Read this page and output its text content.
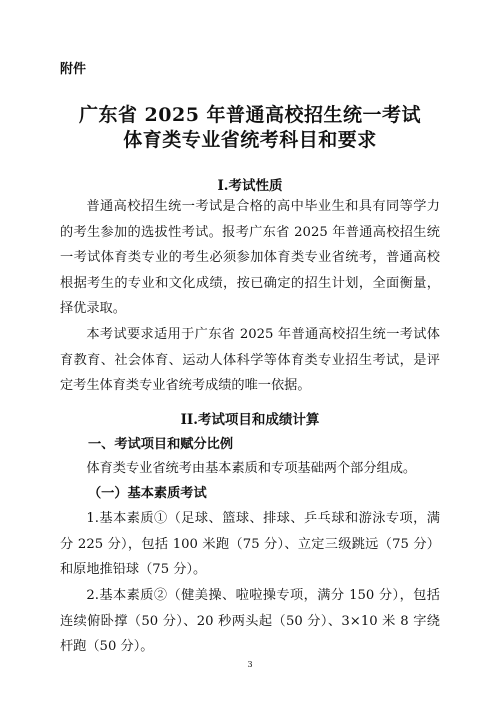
附件
广东省 2025 年普通高校招生统一考试
体育类专业省统考科目和要求
I.考试性质

普通高校招生统一考试是合格的高中毕业生和具有同等学力的考生参加的选拔性考试。报考广东省 2025 年普通高校招生统一考试体育类专业的考生必须参加体育类专业省统考，普通高校根据考生的专业和文化成绩，按已确定的招生计划，全面衡量，择优录取。

本考试要求适用于广东省 2025 年普通高校招生统一考试体育教育、社会体育、运动人体科学等体育类专业招生考试，是评定考生体育类专业省统考成绩的唯一依据。

II.考试项目和成绩计算
一、考试项目和赋分比例

体育类专业省统考由基本素质和专项基础两个部分组成。

（一）基本素质考试

1.基本素质①（足球、篮球、排球、乒乓球和游泳专项，满分 225 分），包括 100 米跑（75 分）、立定三级跳远（75 分）和原地推铅球（75 分）。

2.基本素质②（健美操、啦啦操专项，满分 150 分），包括连续俯卧撑（50 分）、20 秒两头起（50 分）、3×10 米 8 字绕杆跑（50 分）。

3
